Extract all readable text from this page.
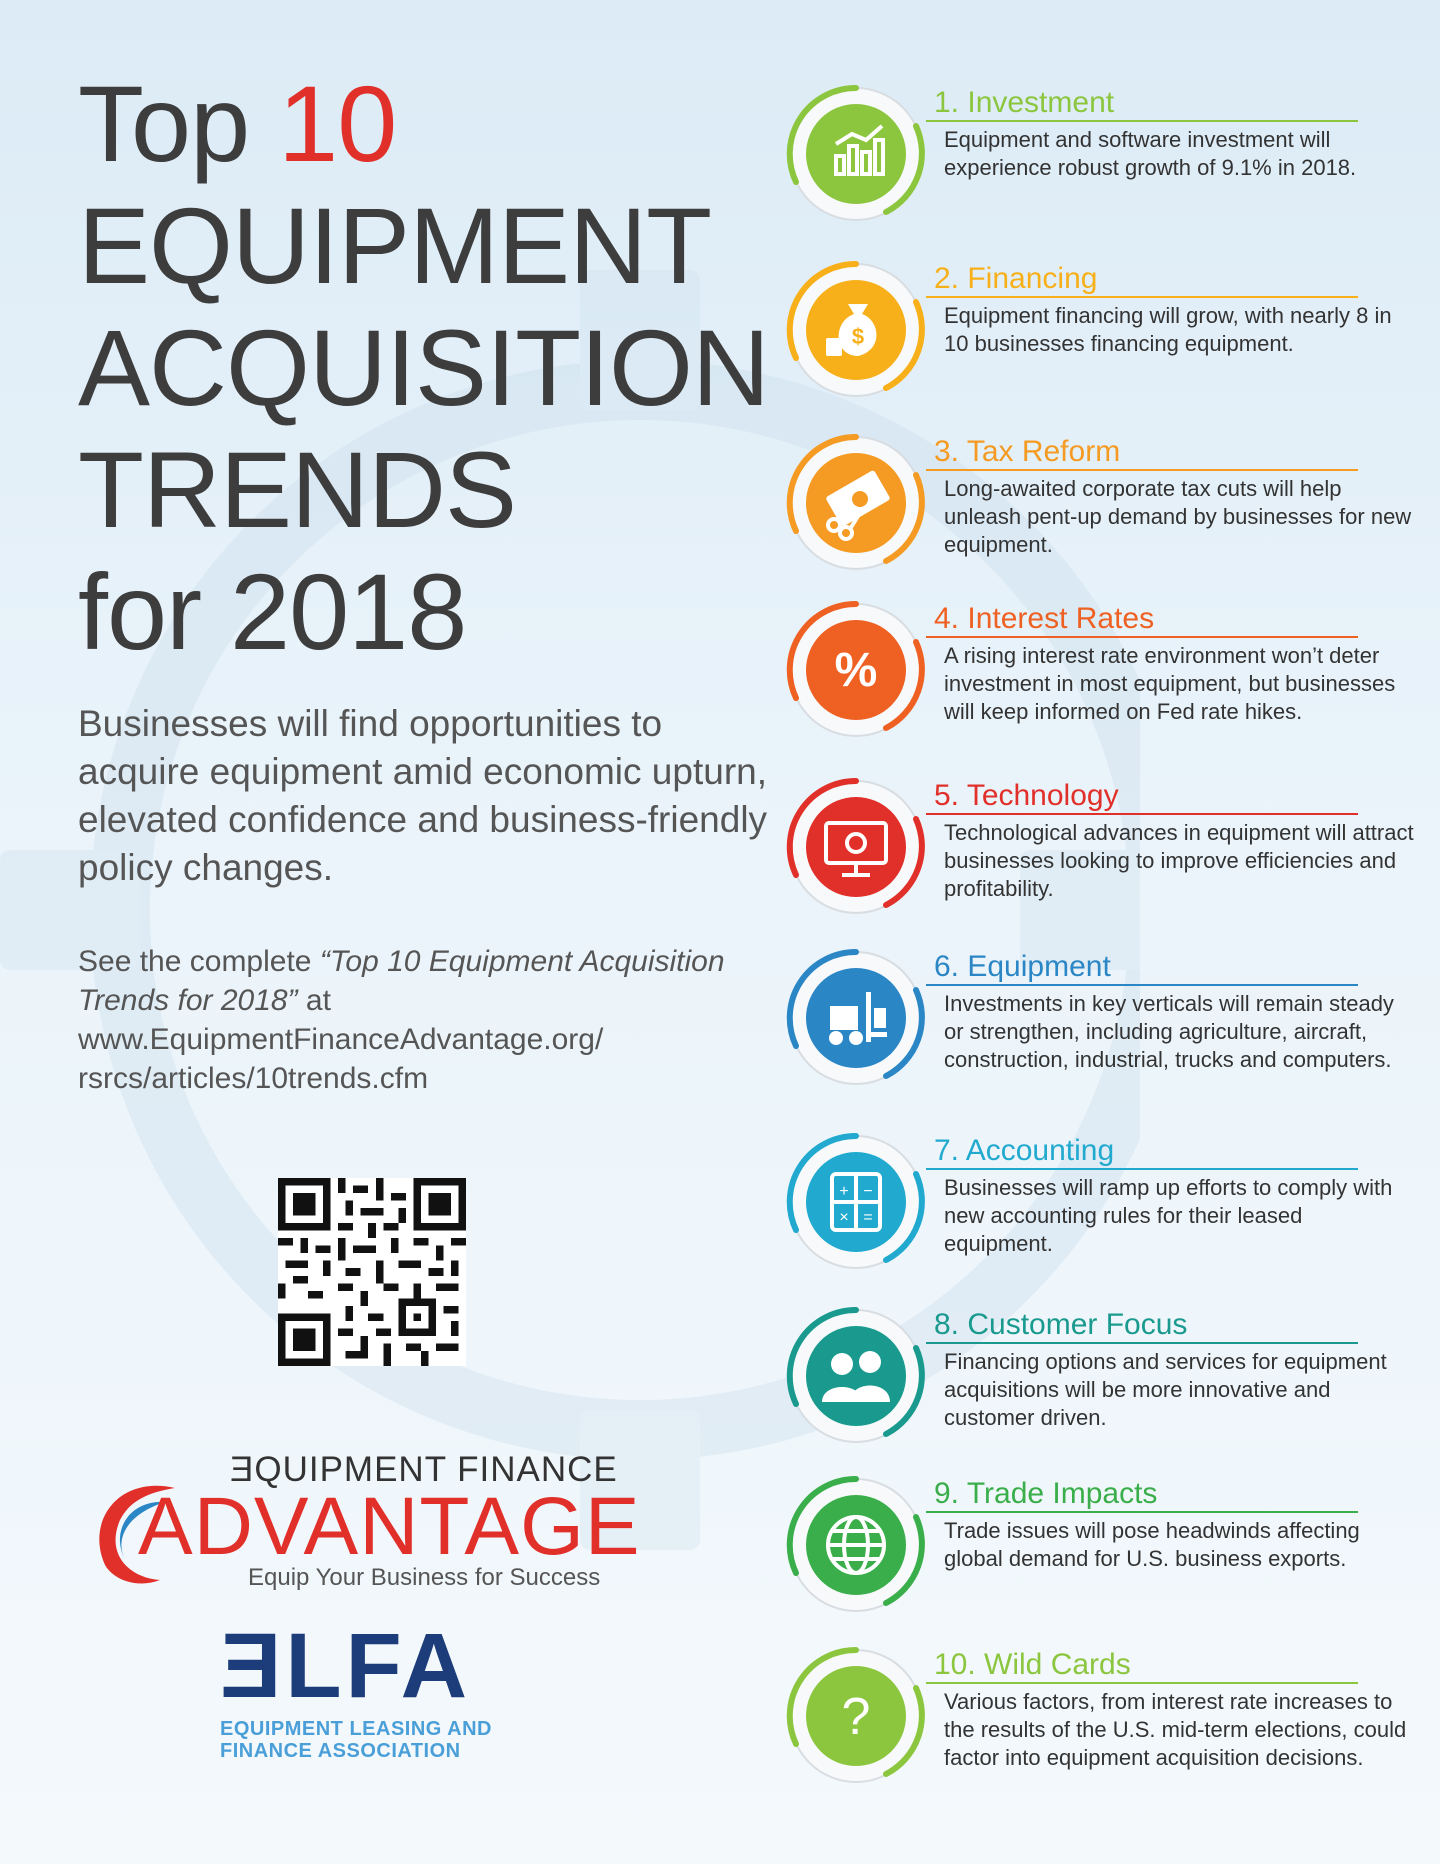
Top 10
EQUIPMENT
ACQUISITION
TRENDS
for 2018
Businesses will find opportunities to acquire equipment amid economic upturn, elevated confidence and business-friendly policy changes.
See the complete “Top 10 Equipment Acquisition Trends for 2018” at
www.EquipmentFinanceAdvantage.org/ rsrcs/articles/10trends.cfm
ƎQUIPMENT FINANCE
ADVANTAGE
Equip Your Business for Success
ƎLFA
EQUIPMENT LEASING AND
FINANCE ASSOCIATION
1. Investment
Equipment and software investment will experience robust growth of 9.1% in 2018.
$
2. Financing
Equipment financing will grow, with nearly 8 in 10 businesses financing equipment.
3. Tax Reform
Long-awaited corporate tax cuts will help unleash pent-up demand by businesses for new equipment.
%
4. Interest Rates
A rising interest rate environment won’t deter investment in most equipment, but businesses will keep informed on Fed rate hikes.
5. Technology
Technological advances in equipment will attract businesses looking to improve efficiencies and profitability.
6. Equipment
Investments in key verticals will remain steady or strengthen, including agriculture, aircraft, construction, industrial, trucks and computers.
+ −
× =
7. Accounting
Businesses will ramp up efforts to comply with new accounting rules for their leased equipment.
8. Customer Focus
Financing options and services for equipment acquisitions will be more innovative and customer driven.
9. Trade Impacts
Trade issues will pose headwinds affecting global demand for U.S. business exports.
?
10. Wild Cards
Various factors, from interest rate increases to the results of the U.S. mid-term elections, could factor into equipment acquisition decisions.
